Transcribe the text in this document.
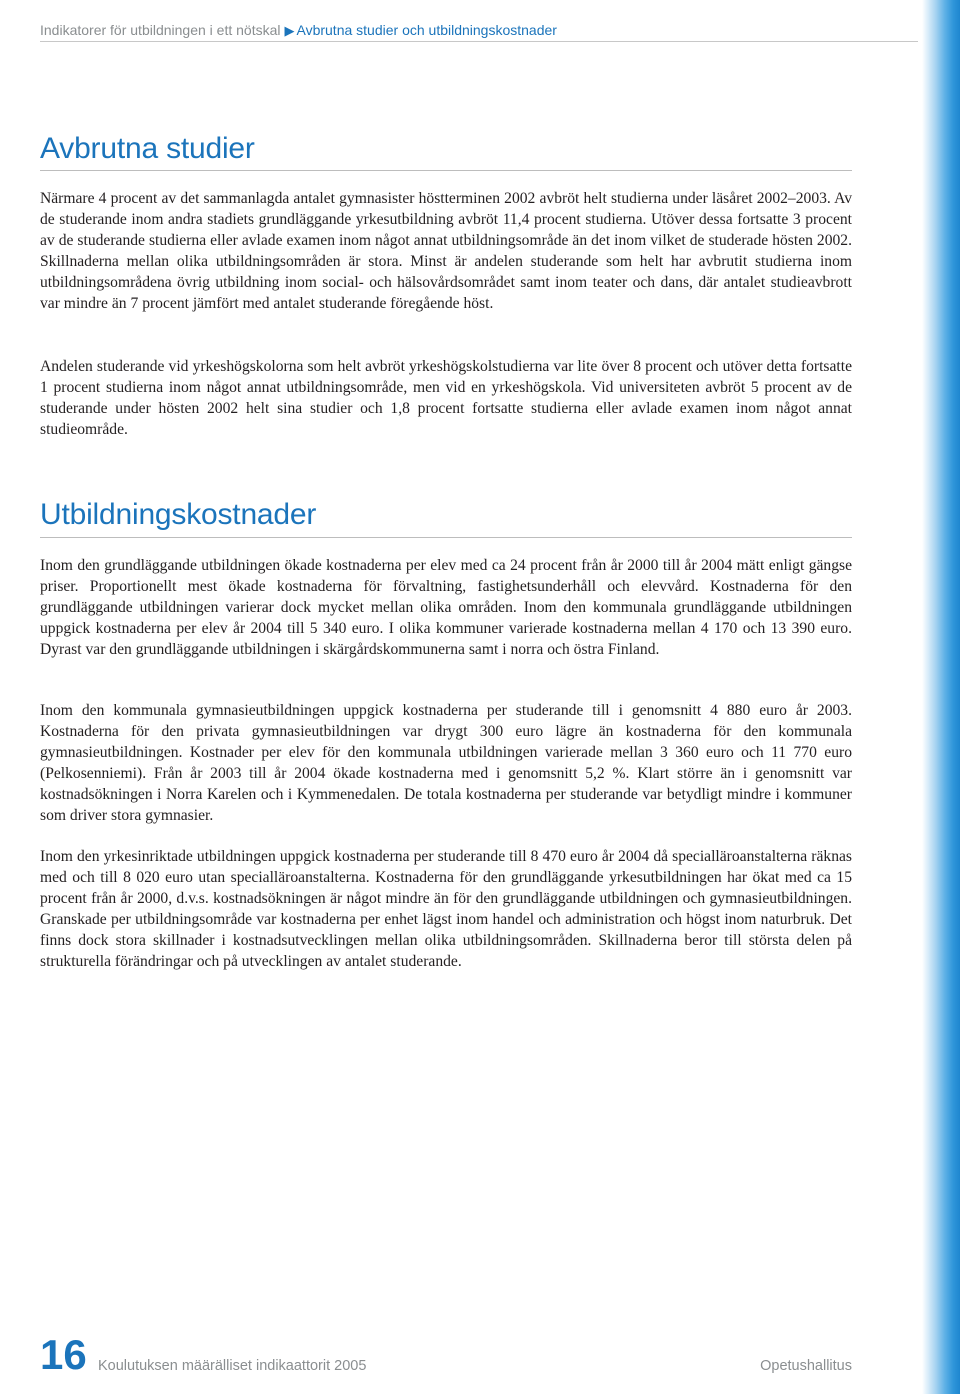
Indikatorer för utbildningen i ett nötskal ▶ Avbrutna studier och utbildningskostnader
Avbrutna studier

Närmare 4 procent av det sammanlagda antalet gymnasister höstterminen 2002 avbröt helt studierna under läsåret 2002–2003. Av de studerande inom andra stadiets grundläggande yrkesutbildning avbröt 11,4 procent studierna. Utöver dessa fortsatte 3 procent av de studerande studierna eller avlade examen inom något annat utbildningsområde än det inom vilket de studerade hösten 2002. Skillnaderna mellan olika utbildningsområden är stora. Minst är andelen studerande som helt har avbrutit studierna inom utbildningsområdena övrig utbildning inom social- och hälsovårdsområdet samt inom teater och dans, där antalet studieavbrott var mindre än 7 procent jämfört med antalet studerande föregående höst.

Andelen studerande vid yrkeshögskolorna som helt avbröt yrkeshögskolstudierna var lite över 8 procent och utöver detta fortsatte 1 procent studierna inom något annat utbildningsområde, men vid en yrkeshögskola. Vid universiteten avbröt 5 procent av de studerande under hösten 2002 helt sina studier och 1,8 procent fortsatte studierna eller avlade examen inom något annat studieområde.

Utbildningskostnader

Inom den grundläggande utbildningen ökade kostnaderna per elev med ca 24 procent från år 2000 till år 2004 mätt enligt gängse priser. Proportionellt mest ökade kostnaderna för förvaltning, fastighetsunderhåll och elevvård. Kostnaderna för den grundläggande utbildningen varierar dock mycket mellan olika områden. Inom den kommunala grundläggande utbildningen uppgick kostnaderna per elev år 2004 till 5 340 euro. I olika kommuner varierade kostnaderna mellan 4 170 och 13 390 euro. Dyrast var den grundläggande utbildningen i skärgårdskommunerna samt i norra och östra Finland.

Inom den kommunala gymnasieutbildningen uppgick kostnaderna per studerande till i genomsnitt 4 880 euro år 2003. Kostnaderna för den privata gymnasieutbildningen var drygt 300 euro lägre än kostnaderna för den kommunala gymnasieutbildningen. Kostnader per elev för den kommunala utbildningen varierade mellan 3 360 euro och 11 770 euro (Pelkosenniemi). Från år 2003 till år 2004 ökade kostnaderna med i genomsnitt 5,2 %. Klart större än i genomsnitt var kostnadsökningen i Norra Karelen och i Kymmenedalen. De totala kostnaderna per studerande var betydligt mindre i kommuner som driver stora gymnasier.

Inom den yrkesinriktade utbildningen uppgick kostnaderna per studerande till 8 470 euro år 2004 då specialläroanstalterna räknas med och till 8 020 euro utan specialläroanstalterna. Kostnaderna för den grundläggande yrkesutbildningen har ökat med ca 15 procent från år 2000, d.v.s. kostnadsökningen är något mindre än för den grundläggande utbildningen och gymnasieutbildningen. Granskade per utbildningsområde var kostnaderna per enhet lägst inom handel och administration och högst inom naturbruk. Det finns dock stora skillnader i kostnadsutvecklingen mellan olika utbildningsområden. Skillnaderna beror till största delen på strukturella förändringar och på utvecklingen av antalet studerande.

16 Koulutuksen määrälliset indikaattorit 2005	Opetushallitus
